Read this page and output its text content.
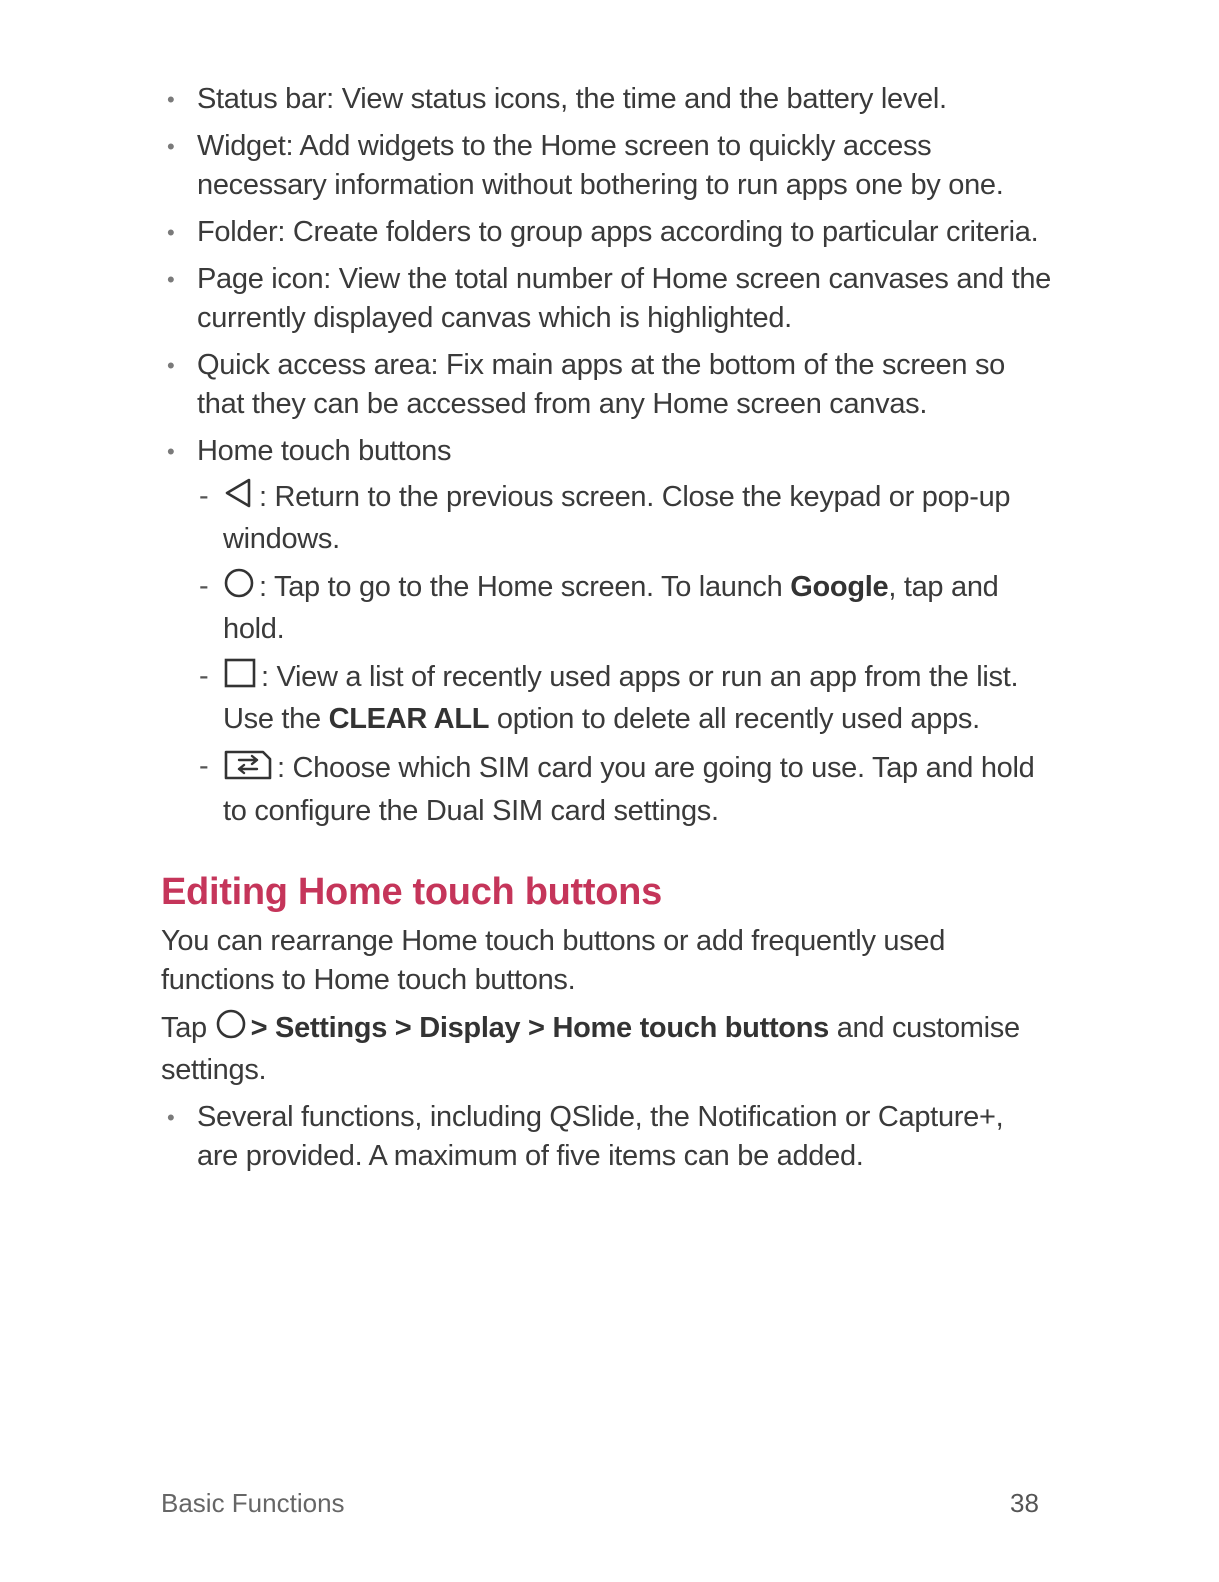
• Status bar: View status icons, the time and the battery level.
• Widget: Add widgets to the Home screen to quickly access necessary information without bothering to run apps one by one.
• Folder: Create folders to group apps according to particular criteria.
• Page icon: View the total number of Home screen canvases and the currently displayed canvas which is highlighted.
• Quick access area: Fix main apps at the bottom of the screen so that they can be accessed from any Home screen canvas.
• Home touch buttons
- : Return to the previous screen. Close the keypad or pop-up windows.
- : Tap to go to the Home screen. To launch Google, tap and hold.
- : View a list of recently used apps or run an app from the list. Use the CLEAR ALL option to delete all recently used apps.
- : Choose which SIM card you are going to use. Tap and hold to configure the Dual SIM card settings.
Editing Home touch buttons

You can rearrange Home touch buttons or add frequently used functions to Home touch buttons.

Tap > Settings > Display > Home touch buttons and customise settings.

• Several functions, including QSlide, the Notification or Capture+, are provided. A maximum of five items can be added.
Basic Functions	38
